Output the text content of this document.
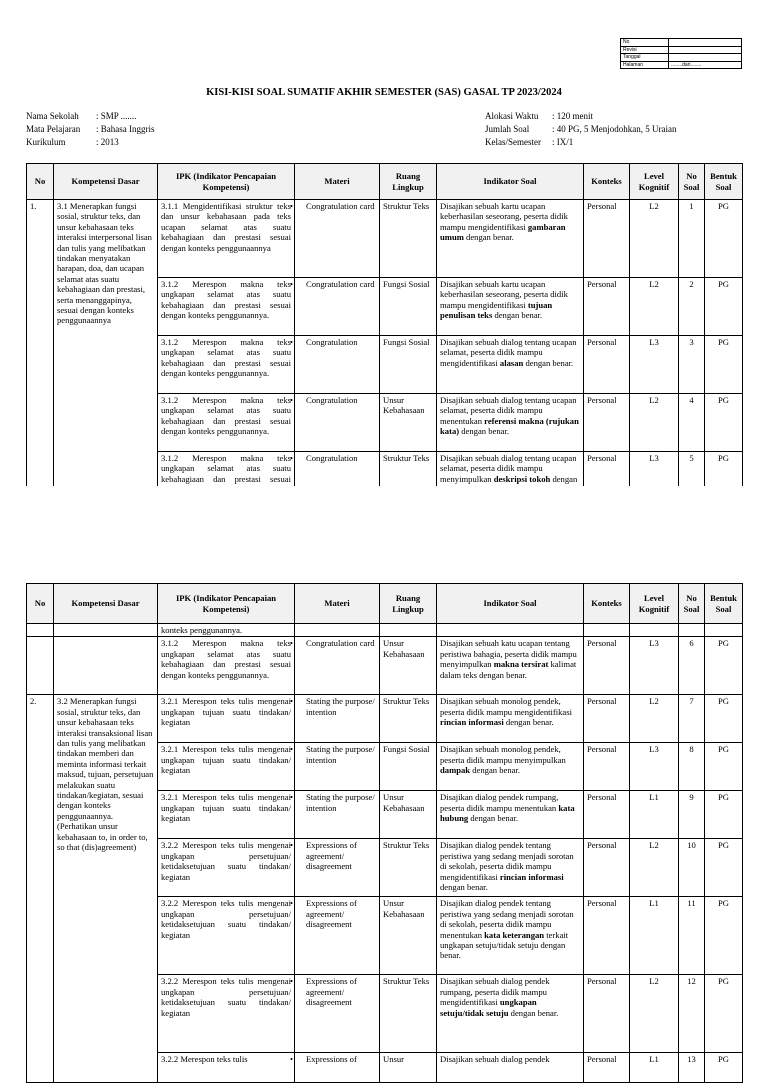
No	
Revisi	
Tanggal	
Halaman	........dari........
KISI-KISI SOAL SUMATIF AKHIR SEMESTER (SAS) GASAL TP 2023/2024
Nama Sekolah : SMP .......
Mata Pelajaran : Bahasa Inggris
Kurikulum	: 2013
Alokasi Waktu : 120 menit
Jumlah Soal	: 40 PG, 5 Menjodohkan, 5 Uraian
Kelas/Semester : IX/1
No	Kompetensi Dasar	IPK (Indikator Pencapaian Kompetensi)	Materi	Ruang Lingkup	Indikator Soal	Konteks	Level Kognitif	No Soal	Bentuk Soal
1.	3.1 Menerapkan fungsi sosial, struktur teks, dan unsur kebahasaan teks interaksi interpersonal lisan dan tulis yang melibatkan tindakan menyatakan harapan, doa, dan ucapan selamat atas suatu kebahagiaan dan prestasi, serta menanggapinya, sesuai dengan konteks penggunaannya	3.1.1 Mengidentifikasi struktur teks dan unsur kebahasaan pada teks ucapan selamat atas suatu kebahagiaan dan prestasi sesuai dengan konteks penggunaannya	• Congratulation card	Struktur Teks	Disajikan sebuah kartu ucapan keberhasilan seseorang, peserta didik mampu mengidentifikasi gambaran umum dengan benar.	Personal	L2	1	PG
		3.1.2 Merespon makna teks ungkapan selamat atas suatu kebahagiaan dan prestasi sesuai dengan konteks penggunannya.	• Congratulation card	Fungsi Sosial	Disajikan sebuah kartu ucapan keberhasilan seseorang, peserta didik mampu mengidentifikasi tujuan penulisan teks dengan benar.	Personal	L2	2	PG
		3.1.2 Merespon makna teks ungkapan selamat atas suatu kebahagiaan dan prestasi sesuai dengan konteks penggunannya.	• Congratulation	Fungsi Sosial	Disajikan sebuah dialog tentang ucapan selamat, peserta didik mampu mengidentifikasi alasan dengan benar.	Personal	L3	3	PG
		3.1.2 Merespon makna teks ungkapan selamat atas suatu kebahagiaan dan prestasi sesuai dengan konteks penggunannya.	• Congratulation	Unsur Kebahasaan	Disajikan sebuah dialog tentang ucapan selamat, peserta didik mampu menentukan referensi makna (rujukan kata) dengan benar.	Personal	L2	4	PG
		3.1.2 Merespon makna teks ungkapan selamat atas suatu kebahagiaan dan prestasi sesuai	• Congratulation	Struktur Teks	Disajikan sebuah dialog tentang ucapan selamat, peserta didik mampu menyimpulkan deskripsi tokoh dengan	Personal	L3	5	PG

No	Kompetensi Dasar	IPK (Indikator Pencapaian Kompetensi)	Materi	Ruang Lingkup	Indikator Soal	Konteks	Level Kognitif	No Soal	Bentuk Soal
		konteks penggunannya.							
		3.1.2 Merespon makna teks ungkapan selamat atas suatu kebahagiaan dan prestasi sesuai dengan konteks penggunannya.	• Congratulation card	Unsur Kebahasaan	Disajikan sebuah katu ucapan tentang peristiwa bahagia, peserta didik mampu menyimpulkan makna tersirat kalimat dalam teks dengan benar.	Personal	L3	6	PG
2.	3.2 Menerapkan fungsi sosial, struktur teks, dan unsur kebahasaan teks interaksi transaksional lisan dan tulis yang melibatkan tindakan memberi dan meminta informasi terkait maksud, tujuan, persetujuan melakukan suatu tindakan/kegiatan, sesuai dengan konteks penggunaannya. (Perhatikan unsur kebahasaan to, in order to, so that (dis)agreement)	3.2.1 Merespon teks tulis mengenai ungkapan tujuan suatu tindakan/ kegiatan	• Stating the purpose/ intention	Struktur Teks	Disajikan sebuah monolog pendek, peserta didik mampu mengidentifikasi rincian informasi dengan benar.	Personal	L2	7	PG
		3.2.1 Merespon teks tulis mengenai ungkapan tujuan suatu tindakan/ kegiatan	• Stating the purpose/ intention	Fungsi Sosial	Disajikan sebuah monolog pendek, peserta didik mampu menyimpulkan dampak dengan benar.	Personal	L3	8	PG
		3.2.1 Merespon teks tulis mengenai ungkapan tujuan suatu tindakan/ kegiatan	• Stating the purpose/ intention	Unsur Kebahasaan	Disajikan dialog pendek rumpang, peserta didik mampu menentukan kata hubung dengan benar.	Personal	L1	9	PG
		3.2.2 Merespon teks tulis mengenai ungkapan persetujuan/ ketidaksetujuan suatu tindakan/ kegiatan	• Expressions of agreement/ disagreement	Struktur Teks	Disajikan dialog pendek tentang peristiwa yang sedang menjadi sorotan di sekolah, peserta didik mampu mengidentifikasi rincian informasi dengan benar.	Personal	L2	10	PG
		3.2.2 Merespon teks tulis mengenai ungkapan persetujuan/ ketidaksetujuan suatu tindakan/ kegiatan	• Expressions of agreement/ disagreement	Unsur Kebahasaan	Disajikan dialog pendek tentang peristiwa yang sedang menjadi sorotan di sekolah, peserta didik mampu menentukan kata keterangan terkait ungkapan setuju/tidak setuju dengan benar.	Personal	L1	11	PG
		3.2.2 Merespon teks tulis mengenai ungkapan persetujuan/ ketidaksetujuan suatu tindakan/ kegiatan	• Expressions of agreement/ disagreement	Struktur Teks	Disajikan sebuah dialog pendek rumpang, peserta didik mampu mengidentifikasi ungkapan setuju/tidak setuju dengan benar.	Personal	L2	12	PG
		3.2.2 Merespon teks tulis	• Expressions of	Unsur	Disajikan sebuah dialog pendek	Personal	L1	13	PG
